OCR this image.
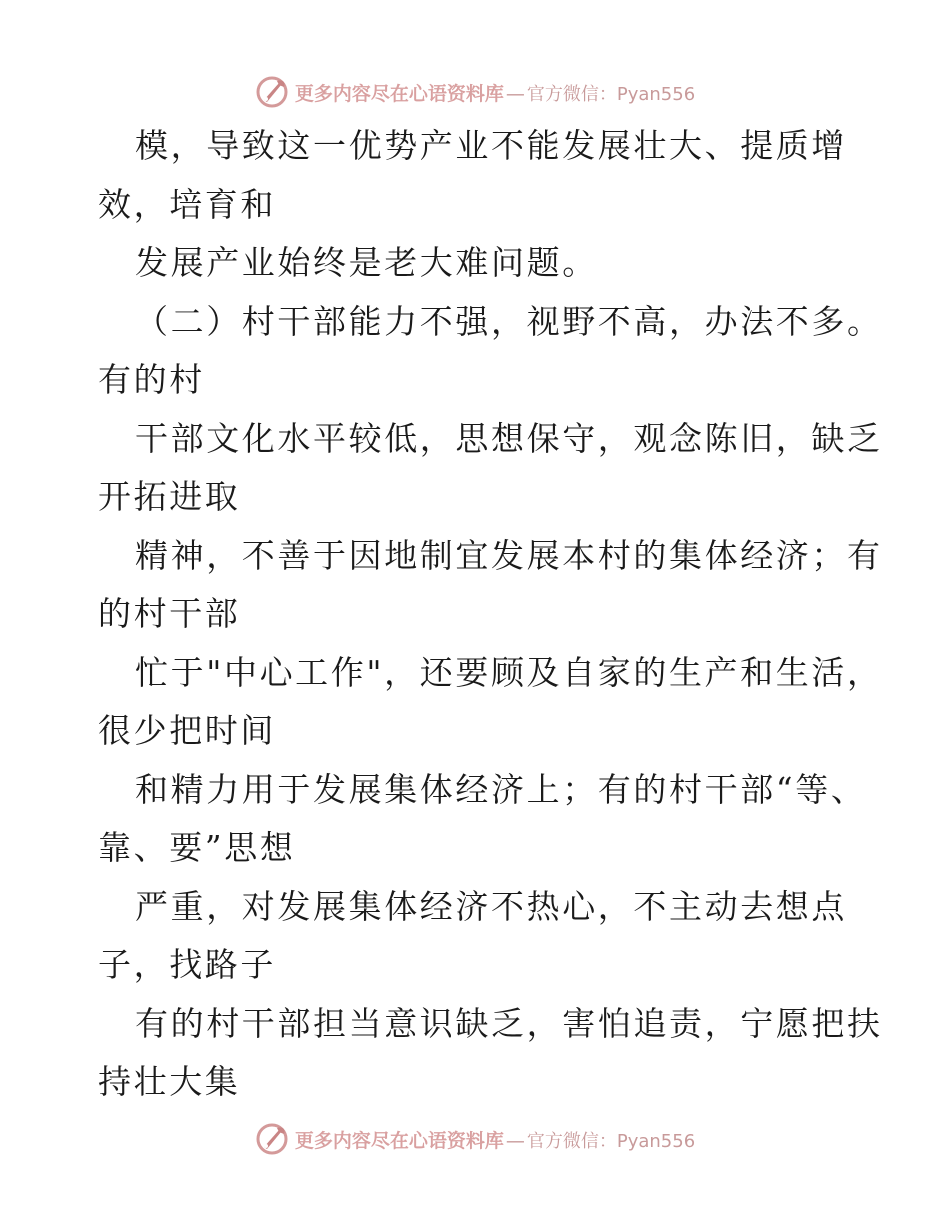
更多内容尽在心语资料库 — 官方微信： Pyan556
模，导致这一优势产业不能发展壮大、提质增
效，培育和
发展产业始终是老大难问题。
（二）村干部能力不强，视野不高，办法不多。
有的村
干部文化水平较低，思想保守，观念陈旧，缺乏
开拓进取
精神，不善于因地制宜发展本村的集体经济；有
的村干部
忙于"中心工作"，还要顾及自家的生产和生活，
很少把时间
和精力用于发展集体经济上；有的村干部“等、
靠、要”思想
严重，对发展集体经济不热心，不主动去想点
子，找路子
有的村干部担当意识缺乏，害怕追责，宁愿把扶
持壮大集
更多内容尽在心语资料库 — 官方微信： Pyan556
